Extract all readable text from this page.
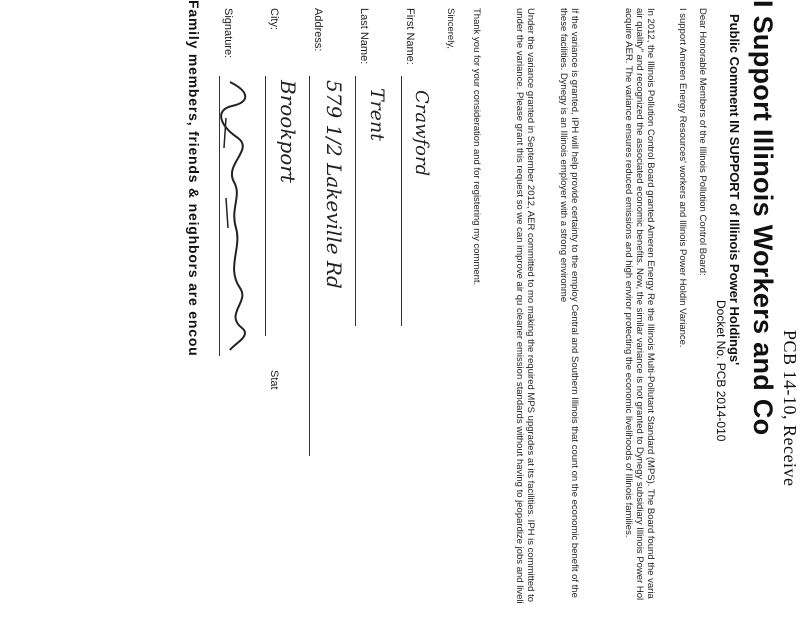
PCB 14-10, Receive
I Support Illinois Workers and Co
Public Comment IN SUPPORT of Illinois Power Holdings'
Docket No. PCB 2014-010
Dear Honorable Members of the Illinois Pollution Control Board:
I support Ameren Energy Resources' workers and Illinois Power Holdin Variance.
In 2012, the Illinois Pollution Control Board granted Ameren Energy Re the Illinois Multi-Pollutant Standard (MPS). The Board found the varia air quality" and recognized the associated economic benefits. Now, the similar variance is not granted to Dynegy subsidiary Illinois Power Hol acquire AER. The variance ensures reduced emissions and high enviror protecting the economic livelihoods of Illinois families.
If the variance is granted, IPH will help provide certainty to the employ Central and Southern Illinois that count on the economic benefit of the these facilities. Dynegy is an Illinois employer with a strong environme
Under the variance granted in September 2012, AER committed to mo making the required MPS upgrades at its facilities. IPH is committed to under the variance. Please grant this request so we can improve air qu cleaner emission standards without having to jeopardize jobs and liveli
Thank you for your consideration and for registering my comment.
Sincerely,
First Name:
Crawford
Last Name:
Trent
Address:
579 1/2 Lakeville Rd
City:
Brookport
Stat
Signature:
Family members, friends & neighbors are encou
